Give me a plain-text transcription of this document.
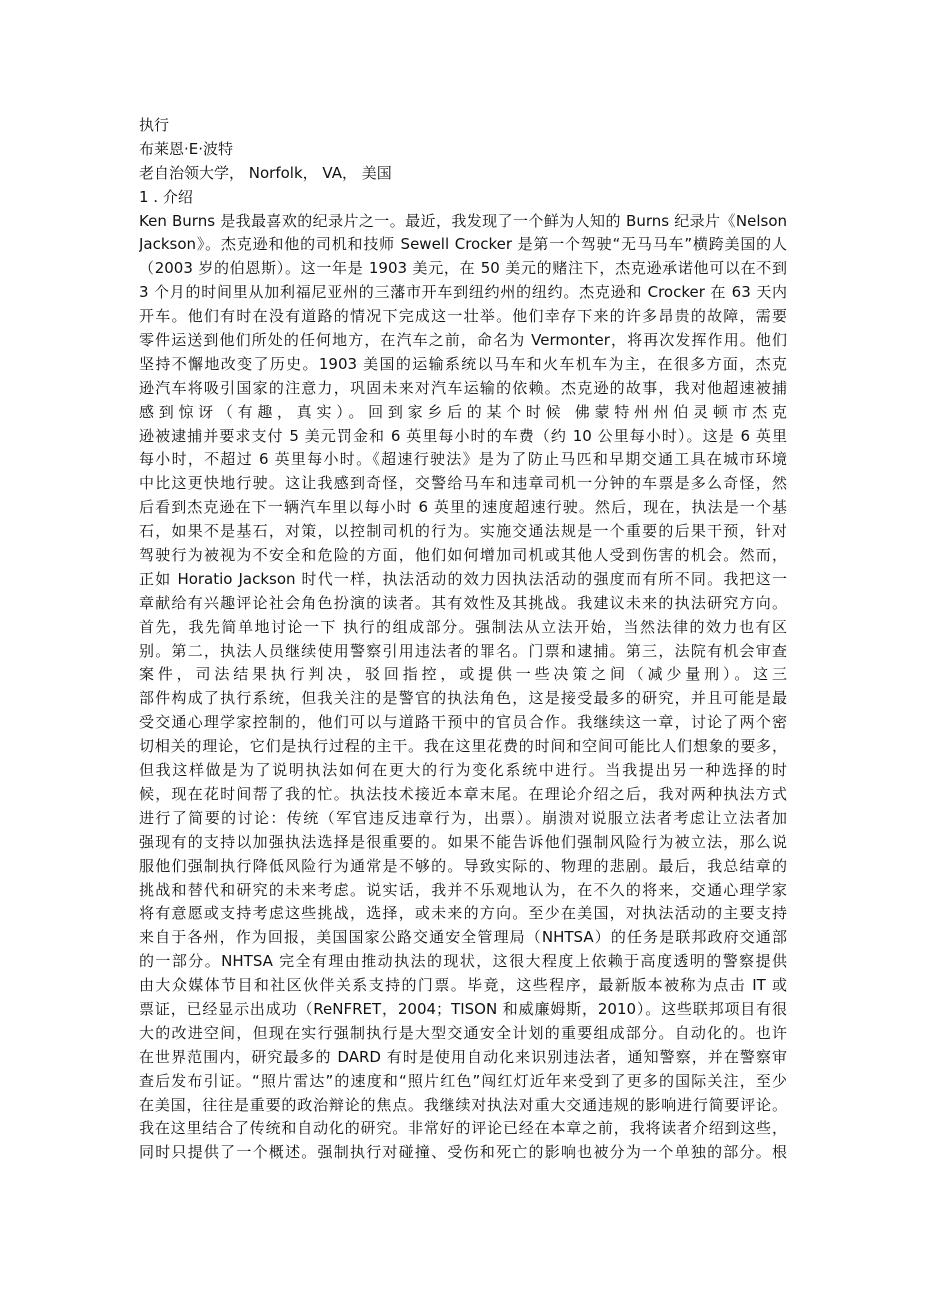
执行
布莱恩·E·波特
老自治领大学， Norfolk， VA， 美国
1 . 介绍
Ken Burns 是我最喜欢的纪录片之一。最近，我发现了一个鲜为人知的 Burns 纪录片《Nelson
Jackson》。杰克逊和他的司机和技师 Sewell Crocker 是第一个驾驶“无马马车”横跨美国的人
（2003 岁的伯恩斯）。这一年是 1903 美元，在 50 美元的赌注下，杰克逊承诺他可以在不到
3 个月的时间里从加利福尼亚州的三藩市开车到纽约州的纽约。杰克逊和 Crocker 在 63 天内
开车。他们有时在没有道路的情况下完成这一壮举。他们幸存下来的许多昂贵的故障，需要
零件运送到他们所处的任何地方，在汽车之前，命名为 Vermonter，将再次发挥作用。他们
坚持不懈地改变了历史。1903 美国的运输系统以马车和火车机车为主，在很多方面，杰克
逊汽车将吸引国家的注意力，巩固未来对汽车运输的依赖。杰克逊的故事，我对他超速被捕
感到惊讶（有趣，真实）。回到家乡后的某个时候 佛蒙特州州伯灵顿市杰克
逊被逮捕并要求支付 5 美元罚金和 6 英里每小时的车费（约 10 公里每小时）。这是 6 英里
每小时，不超过 6 英里每小时。《超速行驶法》是为了防止马匹和早期交通工具在城市环境
中比这更快地行驶。这让我感到奇怪，交警给马车和违章司机一分钟的车票是多么奇怪，然
后看到杰克逊在下一辆汽车里以每小时 6 英里的速度超速行驶。然后，现在，执法是一个基
石，如果不是基石，对策，以控制司机的行为。实施交通法规是一个重要的后果干预，针对
驾驶行为被视为不安全和危险的方面，他们如何增加司机或其他人受到伤害的机会。然而，
正如 Horatio Jackson 时代一样，执法活动的效力因执法活动的强度而有所不同。我把这一
章献给有兴趣评论社会角色扮演的读者。其有效性及其挑战。我建议未来的执法研究方向。
首先，我先简单地讨论一下 执行的组成部分。强制法从立法开始，当然法律的效力也有区
别。第二，执法人员继续使用警察引用违法者的罪名。门票和逮捕。第三，法院有机会审查
案件，司法结果执行判决，驳回指控，或提供一些决策之间（减少量刑）。这三
部件构成了执行系统，但我关注的是警官的执法角色，这是接受最多的研究，并且可能是最
受交通心理学家控制的，他们可以与道路干预中的官员合作。我继续这一章，讨论了两个密
切相关的理论，它们是执行过程的主干。我在这里花费的时间和空间可能比人们想象的要多，
但我这样做是为了说明执法如何在更大的行为变化系统中进行。当我提出另一种选择的时
候，现在花时间帮了我的忙。执法技术接近本章末尾。在理论介绍之后，我对两种执法方式
进行了简要的讨论：传统（军官违反违章行为，出票）。崩溃对说服立法者考虑让立法者加
强现有的支持以加强执法选择是很重要的。如果不能告诉他们强制风险行为被立法，那么说
服他们强制执行降低风险行为通常是不够的。导致实际的、物理的悲剧。最后，我总结章的
挑战和替代和研究的未来考虑。说实话，我并不乐观地认为，在不久的将来，交通心理学家
将有意愿或支持考虑这些挑战，选择，或未来的方向。至少在美国，对执法活动的主要支持
来自于各州，作为回报，美国国家公路交通安全管理局（NHTSA）的任务是联邦政府交通部
的一部分。NHTSA 完全有理由推动执法的现状，这很大程度上依赖于高度透明的警察提供
由大众媒体节目和社区伙伴关系支持的门票。毕竟，这些程序，最新版本被称为点击 IT 或
票证，已经显示出成功（ReNFRET，2004；TISON 和威廉姆斯，2010）。这些联邦项目有很
大的改进空间，但现在实行强制执行是大型交通安全计划的重要组成部分。自动化的。也许
在世界范围内，研究最多的 DARD 有时是使用自动化来识别违法者，通知警察，并在警察审
查后发布引证。“照片雷达”的速度和“照片红色”闯红灯近年来受到了更多的国际关注，至少
在美国，往往是重要的政治辩论的焦点。我继续对执法对重大交通违规的影响进行简要评论。
我在这里结合了传统和自动化的研究。非常好的评论已经在本章之前，我将读者介绍到这些，
同时只提供了一个概述。强制执行对碰撞、受伤和死亡的影响也被分为一个单独的部分。根
